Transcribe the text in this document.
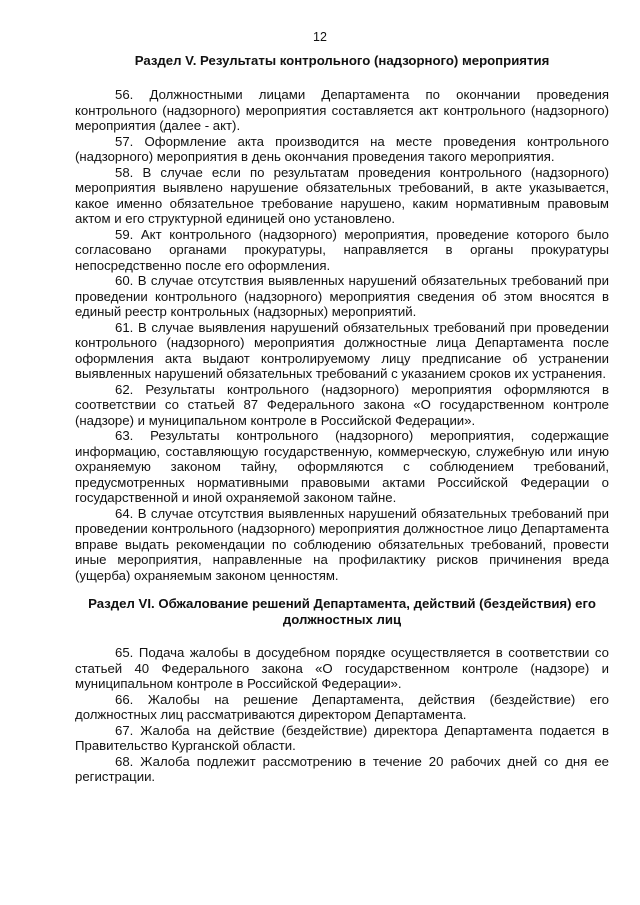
12
Раздел V. Результаты контрольного (надзорного) мероприятия

56. Должностными лицами Департамента по окончании проведения контрольного (надзорного) мероприятия составляется акт контрольного (надзорного) мероприятия (далее - акт).

57. Оформление акта производится на месте проведения контрольного (надзорного) мероприятия в день окончания проведения такого мероприятия.

58. В случае если по результатам проведения контрольного (надзорного) мероприятия выявлено нарушение обязательных требований, в акте указывается, какое именно обязательное требование нарушено, каким нормативным правовым актом и его структурной единицей оно установлено.

59. Акт контрольного (надзорного) мероприятия, проведение которого было согласовано органами прокуратуры, направляется в органы прокуратуры непосредственно после его оформления.

60. В случае отсутствия выявленных нарушений обязательных требований при проведении контрольного (надзорного) мероприятия сведения об этом вносятся в единый реестр контрольных (надзорных) мероприятий.

61. В случае выявления нарушений обязательных требований при проведении контрольного (надзорного) мероприятия должностные лица Департамента после оформления акта выдают контролируемому лицу предписание об устранении выявленных нарушений обязательных требований с указанием сроков их устранения.

62. Результаты контрольного (надзорного) мероприятия оформляются в соответствии со статьей 87 Федерального закона «О государственном контроле (надзоре) и муниципальном контроле в Российской Федерации».

63. Результаты контрольного (надзорного) мероприятия, содержащие информацию, составляющую государственную, коммерческую, служебную или иную охраняемую законом тайну, оформляются с соблюдением требований, предусмотренных нормативными правовыми актами Российской Федерации о государственной и иной охраняемой законом тайне.

64. В случае отсутствия выявленных нарушений обязательных требований при проведении контрольного (надзорного) мероприятия должностное лицо Департамента вправе выдать рекомендации по соблюдению обязательных требований, провести иные мероприятия, направленные на профилактику рисков причинения вреда (ущерба) охраняемым законом ценностям.

Раздел VI. Обжалование решений Департамента, действий (бездействия) его должностных лиц

65. Подача жалобы в досудебном порядке осуществляется в соответствии со статьей 40 Федерального закона «О государственном контроле (надзоре) и муниципальном контроле в Российской Федерации».

66. Жалобы на решение Департамента, действия (бездействие) его должностных лиц рассматриваются директором Департамента.

67. Жалоба на действие (бездействие) директора Департамента подается в Правительство Курганской области.

68. Жалоба подлежит рассмотрению в течение 20 рабочих дней со дня ее регистрации.
